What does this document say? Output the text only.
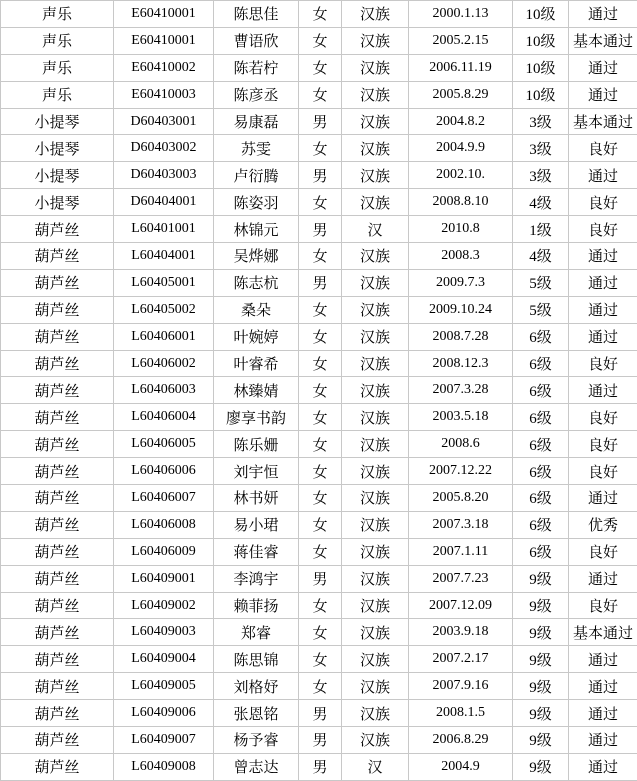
声乐	E60410001	陈思佳	女	汉族	2000.1.13	10级	通过
声乐	E60410001	曹语欣	女	汉族	2005.2.15	10级	基本通过
声乐	E60410002	陈若柠	女	汉族	2006.11.19	10级	通过
声乐	E60410003	陈彦丞	女	汉族	2005.8.29	10级	通过
小提琴	D60403001	易康磊	男	汉族	2004.8.2	3级	基本通过
小提琴	D60403002	苏雯	女	汉族	2004.9.9	3级	良好
小提琴	D60403003	卢衍腾	男	汉族	2002.10.	3级	通过
小提琴	D60404001	陈姿羽	女	汉族	2008.8.10	4级	良好
葫芦丝	L60401001	林锦元	男	汉	2010.8	1级	良好
葫芦丝	L60404001	吴烨娜	女	汉族	2008.3	4级	通过
葫芦丝	L60405001	陈志杭	男	汉族	2009.7.3	5级	通过
葫芦丝	L60405002	桑朵	女	汉族	2009.10.24	5级	通过
葫芦丝	L60406001	叶婉婷	女	汉族	2008.7.28	6级	通过
葫芦丝	L60406002	叶睿希	女	汉族	2008.12.3	6级	良好
葫芦丝	L60406003	林臻婧	女	汉族	2007.3.28	6级	通过
葫芦丝	L60406004	廖享书韵	女	汉族	2003.5.18	6级	良好
葫芦丝	L60406005	陈乐姗	女	汉族	2008.6	6级	良好
葫芦丝	L60406006	刘宇恒	女	汉族	2007.12.22	6级	良好
葫芦丝	L60406007	林书妍	女	汉族	2005.8.20	6级	通过
葫芦丝	L60406008	易小珺	女	汉族	2007.3.18	6级	优秀
葫芦丝	L60406009	蒋佳睿	女	汉族	2007.1.11	6级	良好
葫芦丝	L60409001	李鸿宇	男	汉族	2007.7.23	9级	通过
葫芦丝	L60409002	赖菲扬	女	汉族	2007.12.09	9级	良好
葫芦丝	L60409003	郑睿	女	汉族	2003.9.18	9级	基本通过
葫芦丝	L60409004	陈思锦	女	汉族	2007.2.17	9级	通过
葫芦丝	L60409005	刘格妤	女	汉族	2007.9.16	9级	通过
葫芦丝	L60409006	张恩铭	男	汉族	2008.1.5	9级	通过
葫芦丝	L60409007	杨予睿	男	汉族	2006.8.29	9级	通过
葫芦丝	L60409008	曾志达	男	汉	2004.9	9级	通过
